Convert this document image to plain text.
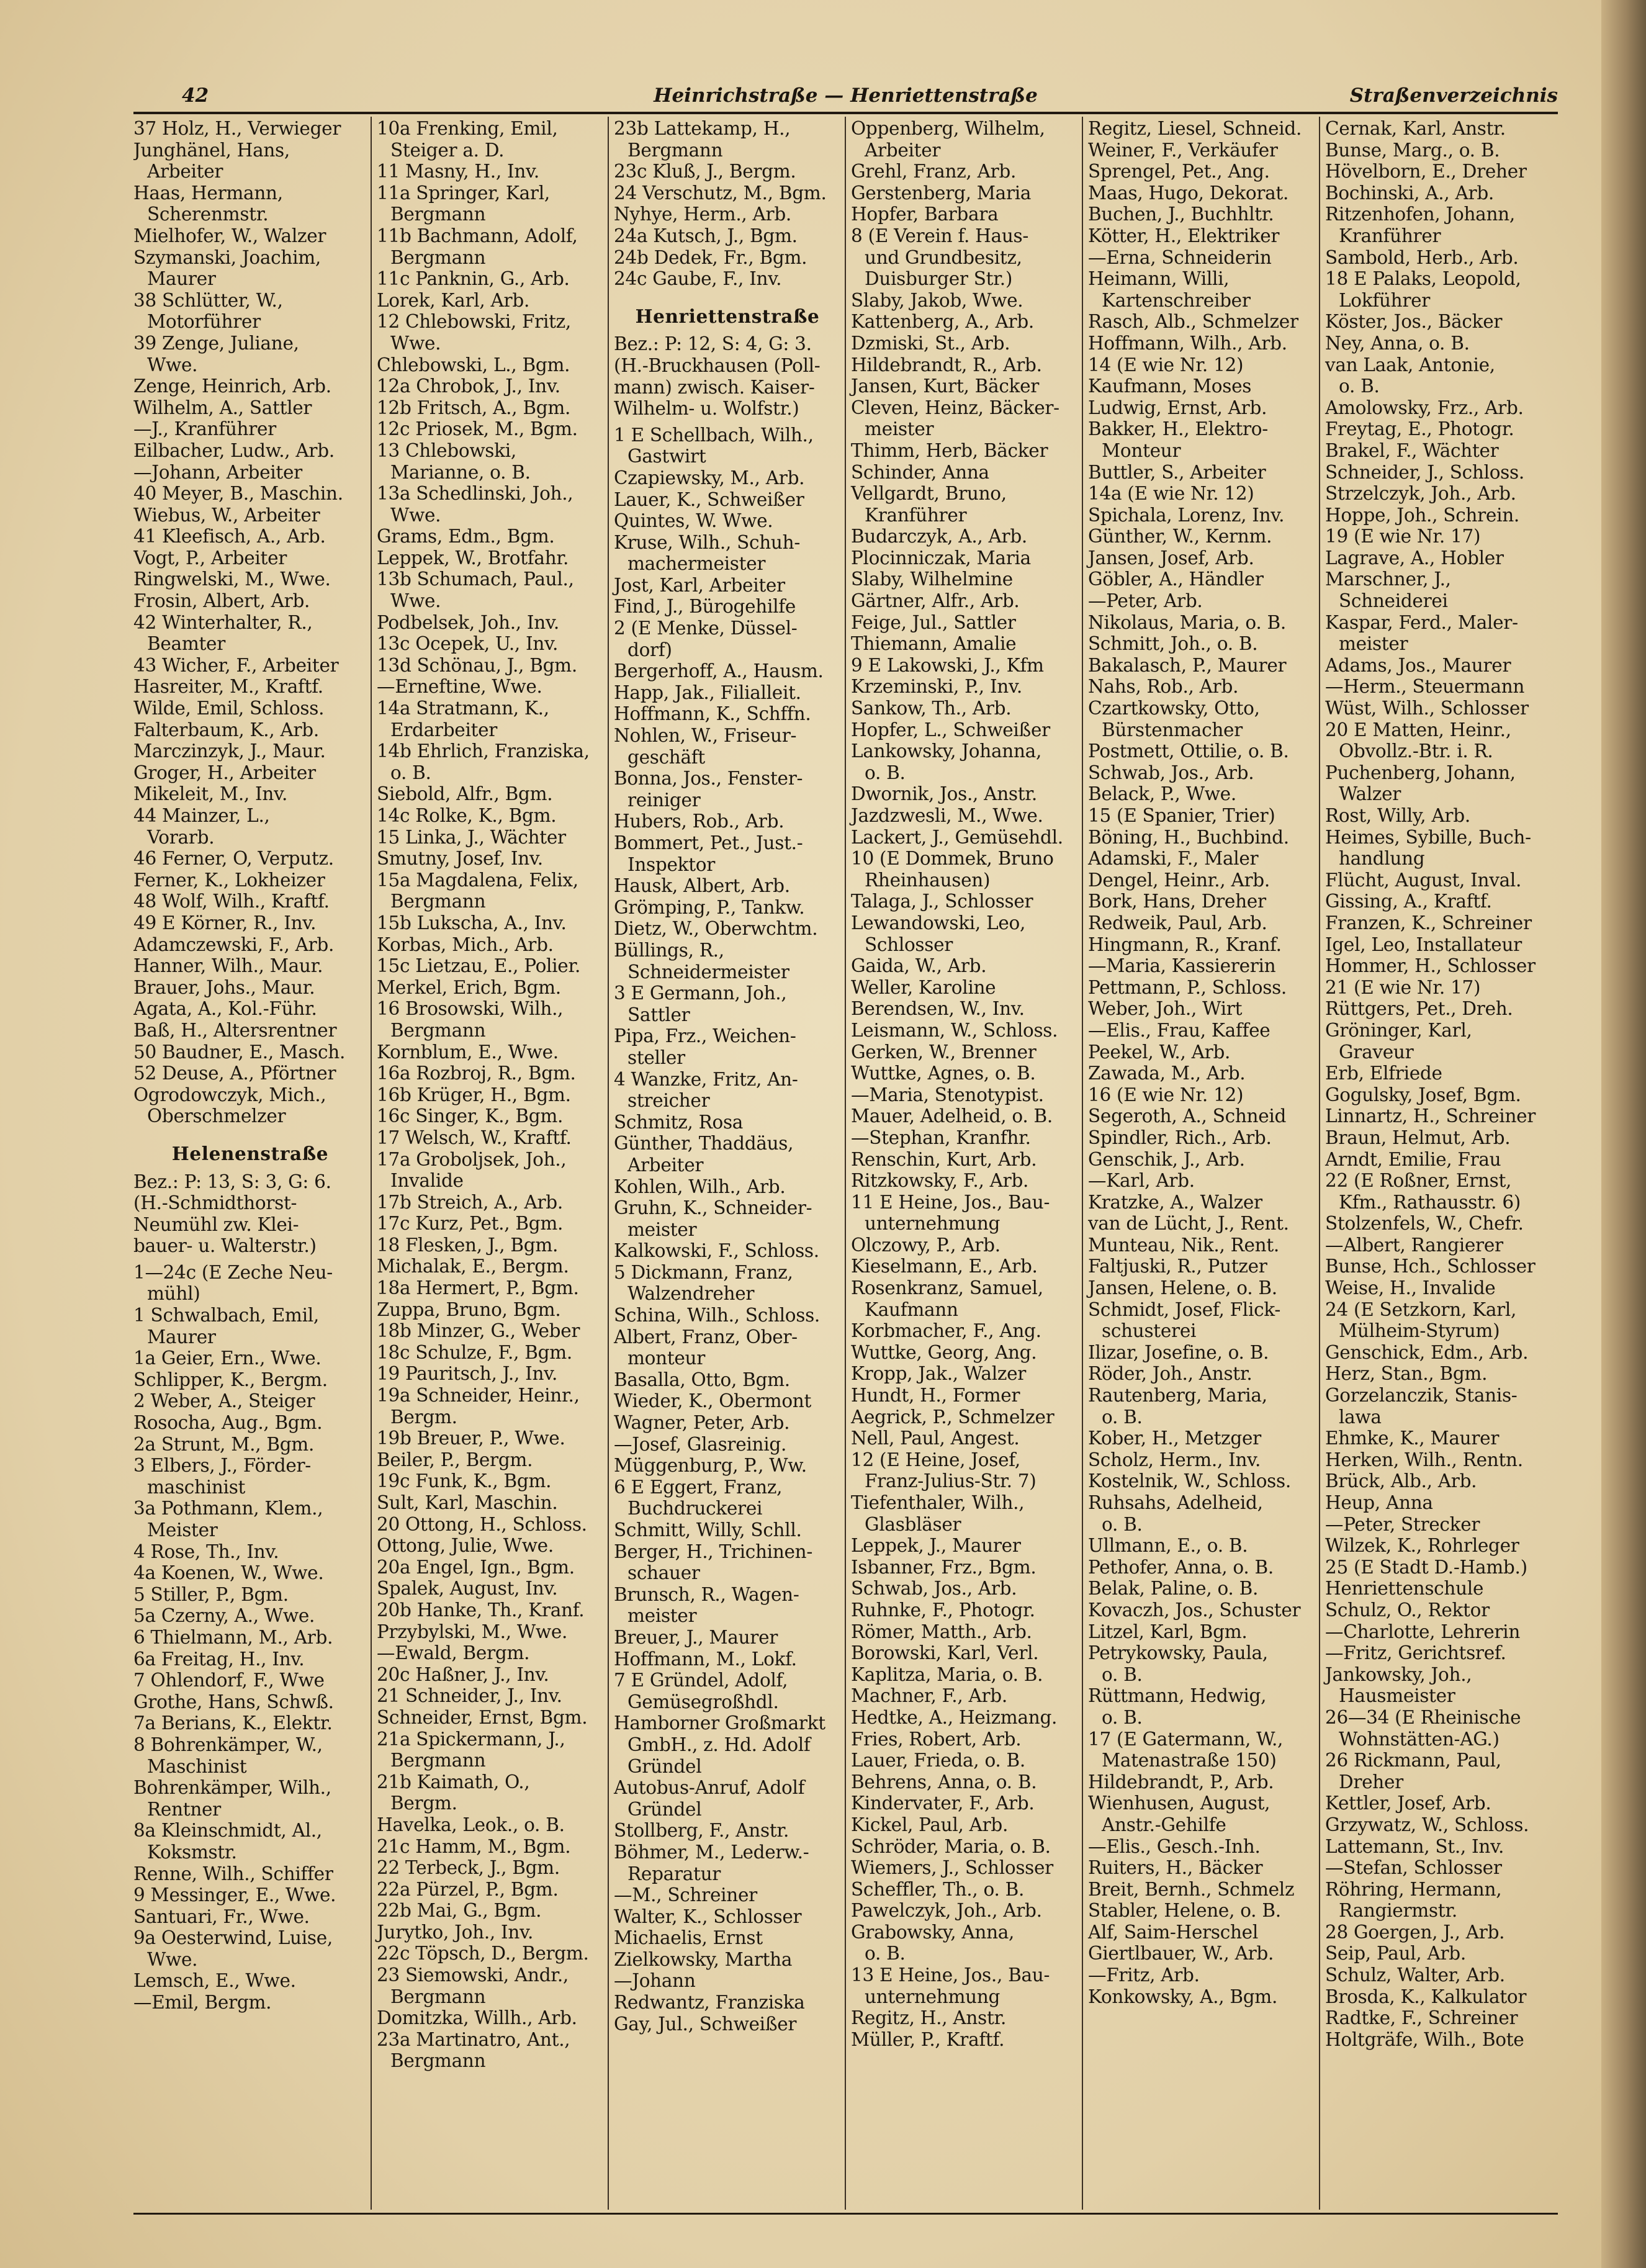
42	Heinrichstraße — Henriettenstraße	Straßenverzeichnis
37 Holz, H., Verwieger
Junghänel, Hans,
Arbeiter
Haas, Hermann,
Scherenmstr.
Mielhofer, W., Walzer
Szymanski, Joachim,
Maurer
38 Schlütter, W.,
Motorführer
39 Zenge, Juliane,
Wwe.
Zenge, Heinrich, Arb.
Wilhelm, A., Sattler
—J., Kranführer
Eilbacher, Ludw., Arb.
—Johann, Arbeiter
40 Meyer, B., Maschin.
Wiebus, W., Arbeiter
41 Kleefisch, A., Arb.
Vogt, P., Arbeiter
Ringwelski, M., Wwe.
Frosin, Albert, Arb.
42 Winterhalter, R.,
Beamter
43 Wicher, F., Arbeiter
Hasreiter, M., Kraftf.
Wilde, Emil, Schloss.
Falterbaum, K., Arb.
Marczinzyk, J., Maur.
Groger, H., Arbeiter
Mikeleit, M., Inv.
44 Mainzer, L.,
Vorarb.
46 Ferner, O, Verputz.
Ferner, K., Lokheizer
48 Wolf, Wilh., Kraftf.
49 E Körner, R., Inv.
Adamczewski, F., Arb.
Hanner, Wilh., Maur.
Brauer, Johs., Maur.
Agata, A., Kol.-Führ.
Baß, H., Altersrentner
50 Baudner, E., Masch.
52 Deuse, A., Pförtner
Ogrodowczyk, Mich.,
Oberschmelzer
Helenenstraße
Bez.: P: 13, S: 3, G: 6.
(H.-Schmidthorst-
Neumühl zw. Klei-
bauer- u. Walterstr.)
1—24c (E Zeche Neu-
mühl)
1 Schwalbach, Emil,
Maurer
1a Geier, Ern., Wwe.
Schlipper, K., Bergm.
2 Weber, A., Steiger
Rosocha, Aug., Bgm.
2a Strunt, M., Bgm.
3 Elbers, J., Förder-
maschinist
3a Pothmann, Klem.,
Meister
4 Rose, Th., Inv.
4a Koenen, W., Wwe.
5 Stiller, P., Bgm.
5a Czerny, A., Wwe.
6 Thielmann, M., Arb.
6a Freitag, H., Inv.
7 Ohlendorf, F., Wwe
Grothe, Hans, Schwß.
7a Berians, K., Elektr.
8 Bohrenkämper, W.,
Maschinist
Bohrenkämper, Wilh.,
Rentner
8a Kleinschmidt, Al.,
Koksmstr.
Renne, Wilh., Schiffer
9 Messinger, E., Wwe.
Santuari, Fr., Wwe.
9a Oesterwind, Luise,
Wwe.
Lemsch, E., Wwe.
—Emil, Bergm.
10a Frenking, Emil,
Steiger a. D.
11 Masny, H., Inv.
11a Springer, Karl,
Bergmann
11b Bachmann, Adolf,
Bergmann
11c Panknin, G., Arb.
Lorek, Karl, Arb.
12 Chlebowski, Fritz,
Wwe.
Chlebowski, L., Bgm.
12a Chrobok, J., Inv.
12b Fritsch, A., Bgm.
12c Priosek, M., Bgm.
13 Chlebowski,
Marianne, o. B.
13a Schedlinski, Joh.,
Wwe.
Grams, Edm., Bgm.
Leppek, W., Brotfahr.
13b Schumach, Paul.,
Wwe.
Podbelsek, Joh., Inv.
13c Ocepek, U., Inv.
13d Schönau, J., Bgm.
—Erneftine, Wwe.
14a Stratmann, K.,
Erdarbeiter
14b Ehrlich, Franziska,
o. B.
Siebold, Alfr., Bgm.
14c Rolke, K., Bgm.
15 Linka, J., Wächter
Smutny, Josef, Inv.
15a Magdalena, Felix,
Bergmann
15b Lukscha, A., Inv.
Korbas, Mich., Arb.
15c Lietzau, E., Polier.
Merkel, Erich, Bgm.
16 Brosowski, Wilh.,
Bergmann
Kornblum, E., Wwe.
16a Rozbroj, R., Bgm.
16b Krüger, H., Bgm.
16c Singer, K., Bgm.
17 Welsch, W., Kraftf.
17a Groboljsek, Joh.,
Invalide
17b Streich, A., Arb.
17c Kurz, Pet., Bgm.
18 Flesken, J., Bgm.
Michalak, E., Bergm.
18a Hermert, P., Bgm.
Zuppa, Bruno, Bgm.
18b Minzer, G., Weber
18c Schulze, F., Bgm.
19 Pauritsch, J., Inv.
19a Schneider, Heinr.,
Bergm.
19b Breuer, P., Wwe.
Beiler, P., Bergm.
19c Funk, K., Bgm.
Sult, Karl, Maschin.
20 Ottong, H., Schloss.
Ottong, Julie, Wwe.
20a Engel, Ign., Bgm.
Spalek, August, Inv.
20b Hanke, Th., Kranf.
Przybylski, M., Wwe.
—Ewald, Bergm.
20c Haßner, J., Inv.
21 Schneider, J., Inv.
Schneider, Ernst, Bgm.
21a Spickermann, J.,
Bergmann
21b Kaimath, O.,
Bergm.
Havelka, Leok., o. B.
21c Hamm, M., Bgm.
22 Terbeck, J., Bgm.
22a Pürzel, P., Bgm.
22b Mai, G., Bgm.
Jurytko, Joh., Inv.
22c Töpsch, D., Bergm.
23 Siemowski, Andr.,
Bergmann
Domitzka, Willh., Arb.
23a Martinatro, Ant.,
Bergmann
23b Lattekamp, H.,
Bergmann
23c Kluß, J., Bergm.
24 Verschutz, M., Bgm.
Nyhye, Herm., Arb.
24a Kutsch, J., Bgm.
24b Dedek, Fr., Bgm.
24c Gaube, F., Inv.
Henriettenstraße
Bez.: P: 12, S: 4, G: 3.
(H.-Bruckhausen (Poll-
mann) zwisch. Kaiser-
Wilhelm- u. Wolfstr.)
1 E Schellbach, Wilh.,
Gastwirt
Czapiewsky, M., Arb.
Lauer, K., Schweißer
Quintes, W. Wwe.
Kruse, Wilh., Schuh-
machermeister
Jost, Karl, Arbeiter
Find, J., Bürogehilfe
2 (E Menke, Düssel-
dorf)
Bergerhoff, A., Hausm.
Happ, Jak., Filialleit.
Hoffmann, K., Schffn.
Nohlen, W., Friseur-
geschäft
Bonna, Jos., Fenster-
reiniger
Hubers, Rob., Arb.
Bommert, Pet., Just.-
Inspektor
Hausk, Albert, Arb.
Grömping, P., Tankw.
Dietz, W., Oberwchtm.
Büllings, R.,
Schneidermeister
3 E Germann, Joh.,
Sattler
Pipa, Frz., Weichen-
steller
4 Wanzke, Fritz, An-
streicher
Schmitz, Rosa
Günther, Thaddäus,
Arbeiter
Kohlen, Wilh., Arb.
Gruhn, K., Schneider-
meister
Kalkowski, F., Schloss.
5 Dickmann, Franz,
Walzendreher
Schina, Wilh., Schloss.
Albert, Franz, Ober-
monteur
Basalla, Otto, Bgm.
Wieder, K., Obermont
Wagner, Peter, Arb.
—Josef, Glasreinig.
Müggenburg, P., Ww.
6 E Eggert, Franz,
Buchdruckerei
Schmitt, Willy, Schll.
Berger, H., Trichinen-
schauer
Brunsch, R., Wagen-
meister
Breuer, J., Maurer
Hoffmann, M., Lokf.
7 E Gründel, Adolf,
Gemüsegroßhdl.
Hamborner Großmarkt
GmbH., z. Hd. Adolf
Gründel
Autobus-Anruf, Adolf
Gründel
Stollberg, F., Anstr.
Böhmer, M., Lederw.-
Reparatur
—M., Schreiner
Walter, K., Schlosser
Michaelis, Ernst
Zielkowsky, Martha
—Johann
Redwantz, Franziska
Gay, Jul., Schweißer
Oppenberg, Wilhelm,
Arbeiter
Grehl, Franz, Arb.
Gerstenberg, Maria
Hopfer, Barbara
8 (E Verein f. Haus-
und Grundbesitz,
Duisburger Str.)
Slaby, Jakob, Wwe.
Kattenberg, A., Arb.
Dzmiski, St., Arb.
Hildebrandt, R., Arb.
Jansen, Kurt, Bäcker
Cleven, Heinz, Bäcker-
meister
Thimm, Herb, Bäcker
Schinder, Anna
Vellgardt, Bruno,
Kranführer
Budarczyk, A., Arb.
Plocinniczak, Maria
Slaby, Wilhelmine
Gärtner, Alfr., Arb.
Feige, Jul., Sattler
Thiemann, Amalie
9 E Lakowski, J., Kfm
Krzeminski, P., Inv.
Sankow, Th., Arb.
Hopfer, L., Schweißer
Lankowsky, Johanna,
o. B.
Dwornik, Jos., Anstr.
Jazdzwesli, M., Wwe.
Lackert, J., Gemüsehdl.
10 (E Dommek, Bruno
Rheinhausen)
Talaga, J., Schlosser
Lewandowski, Leo,
Schlosser
Gaida, W., Arb.
Weller, Karoline
Berendsen, W., Inv.
Leismann, W., Schloss.
Gerken, W., Brenner
Wuttke, Agnes, o. B.
—Maria, Stenotypist.
Mauer, Adelheid, o. B.
—Stephan, Kranfhr.
Renschin, Kurt, Arb.
Ritzkowsky, F., Arb.
11 E Heine, Jos., Bau-
unternehmung
Olczowy, P., Arb.
Kieselmann, E., Arb.
Rosenkranz, Samuel,
Kaufmann
Korbmacher, F., Ang.
Wuttke, Georg, Ang.
Kropp, Jak., Walzer
Hundt, H., Former
Aegrick, P., Schmelzer
Nell, Paul, Angest.
12 (E Heine, Josef,
Franz-Julius-Str. 7)
Tiefenthaler, Wilh.,
Glasbläser
Leppek, J., Maurer
Isbanner, Frz., Bgm.
Schwab, Jos., Arb.
Ruhnke, F., Photogr.
Römer, Matth., Arb.
Borowski, Karl, Verl.
Kaplitza, Maria, o. B.
Machner, F., Arb.
Hedtke, A., Heizmang.
Fries, Robert, Arb.
Lauer, Frieda, o. B.
Behrens, Anna, o. B.
Kindervater, F., Arb.
Kickel, Paul, Arb.
Schröder, Maria, o. B.
Wiemers, J., Schlosser
Scheffler, Th., o. B.
Pawelczyk, Joh., Arb.
Grabowsky, Anna,
o. B.
13 E Heine, Jos., Bau-
unternehmung
Regitz, H., Anstr.
Müller, P., Kraftf.
Regitz, Liesel, Schneid.
Weiner, F., Verkäufer
Sprengel, Pet., Ang.
Maas, Hugo, Dekorat.
Buchen, J., Buchhltr.
Kötter, H., Elektriker
—Erna, Schneiderin
Heimann, Willi,
Kartenschreiber
Rasch, Alb., Schmelzer
Hoffmann, Wilh., Arb.
14 (E wie Nr. 12)
Kaufmann, Moses
Ludwig, Ernst, Arb.
Bakker, H., Elektro-
Monteur
Buttler, S., Arbeiter
14a (E wie Nr. 12)
Spichala, Lorenz, Inv.
Günther, W., Kernm.
Jansen, Josef, Arb.
Göbler, A., Händler
—Peter, Arb.
Nikolaus, Maria, o. B.
Schmitt, Joh., o. B.
Bakalasch, P., Maurer
Nahs, Rob., Arb.
Czartkowsky, Otto,
Bürstenmacher
Postmett, Ottilie, o. B.
Schwab, Jos., Arb.
Belack, P., Wwe.
15 (E Spanier, Trier)
Böning, H., Buchbind.
Adamski, F., Maler
Dengel, Heinr., Arb.
Bork, Hans, Dreher
Redweik, Paul, Arb.
Hingmann, R., Kranf.
—Maria, Kassiererin
Pettmann, P., Schloss.
Weber, Joh., Wirt
—Elis., Frau, Kaffee
Peekel, W., Arb.
Zawada, M., Arb.
16 (E wie Nr. 12)
Segeroth, A., Schneid
Spindler, Rich., Arb.
Genschik, J., Arb.
—Karl, Arb.
Kratzke, A., Walzer
van de Lücht, J., Rent.
Munteau, Nik., Rent.
Faltjuski, R., Putzer
Jansen, Helene, o. B.
Schmidt, Josef, Flick-
schusterei
Ilizar, Josefine, o. B.
Röder, Joh., Anstr.
Rautenberg, Maria,
o. B.
Kober, H., Metzger
Scholz, Herm., Inv.
Kostelnik, W., Schloss.
Ruhsahs, Adelheid,
o. B.
Ullmann, E., o. B.
Pethofer, Anna, o. B.
Belak, Paline, o. B.
Kovaczh, Jos., Schuster
Litzel, Karl, Bgm.
Petrykowsky, Paula,
o. B.
Rüttmann, Hedwig,
o. B.
17 (E Gatermann, W.,
Matenastraße 150)
Hildebrandt, P., Arb.
Wienhusen, August,
Anstr.-Gehilfe
—Elis., Gesch.-Inh.
Ruiters, H., Bäcker
Breit, Bernh., Schmelz
Stabler, Helene, o. B.
Alf, Saim-Herschel
Giertlbauer, W., Arb.
—Fritz, Arb.
Konkowsky, A., Bgm.
Cernak, Karl, Anstr.
Bunse, Marg., o. B.
Hövelborn, E., Dreher
Bochinski, A., Arb.
Ritzenhofen, Johann,
Kranführer
Sambold, Herb., Arb.
18 E Palaks, Leopold,
Lokführer
Köster, Jos., Bäcker
Ney, Anna, o. B.
van Laak, Antonie,
o. B.
Amolowsky, Frz., Arb.
Freytag, E., Photogr.
Brakel, F., Wächter
Schneider, J., Schloss.
Strzelczyk, Joh., Arb.
Hoppe, Joh., Schrein.
19 (E wie Nr. 17)
Lagrave, A., Hobler
Marschner, J.,
Schneiderei
Kaspar, Ferd., Maler-
meister
Adams, Jos., Maurer
—Herm., Steuermann
Wüst, Wilh., Schlosser
20 E Matten, Heinr.,
Obvollz.-Btr. i. R.
Puchenberg, Johann,
Walzer
Rost, Willy, Arb.
Heimes, Sybille, Buch-
handlung
Flücht, August, Inval.
Gissing, A., Kraftf.
Franzen, K., Schreiner
Igel, Leo, Installateur
Hommer, H., Schlosser
21 (E wie Nr. 17)
Rüttgers, Pet., Dreh.
Gröninger, Karl,
Graveur
Erb, Elfriede
Gogulsky, Josef, Bgm.
Linnartz, H., Schreiner
Braun, Helmut, Arb.
Arndt, Emilie, Frau
22 (E Roßner, Ernst,
Kfm., Rathausstr. 6)
Stolzenfels, W., Chefr.
—Albert, Rangierer
Bunse, Hch., Schlosser
Weise, H., Invalide
24 (E Setzkorn, Karl,
Mülheim-Styrum)
Genschick, Edm., Arb.
Herz, Stan., Bgm.
Gorzelanczik, Stanis-
lawa
Ehmke, K., Maurer
Herken, Wilh., Rentn.
Brück, Alb., Arb.
Heup, Anna
—Peter, Strecker
Wilzek, K., Rohrleger
25 (E Stadt D.-Hamb.)
Henriettenschule
Schulz, O., Rektor
—Charlotte, Lehrerin
—Fritz, Gerichtsref.
Jankowsky, Joh.,
Hausmeister
26—34 (E Rheinische
Wohnstätten-AG.)
26 Rickmann, Paul,
Dreher
Kettler, Josef, Arb.
Grzywatz, W., Schloss.
Lattemann, St., Inv.
—Stefan, Schlosser
Röhring, Hermann,
Rangiermstr.
28 Goergen, J., Arb.
Seip, Paul, Arb.
Schulz, Walter, Arb.
Brosda, K., Kalkulator
Radtke, F., Schreiner
Holtgräfe, Wilh., Bote
